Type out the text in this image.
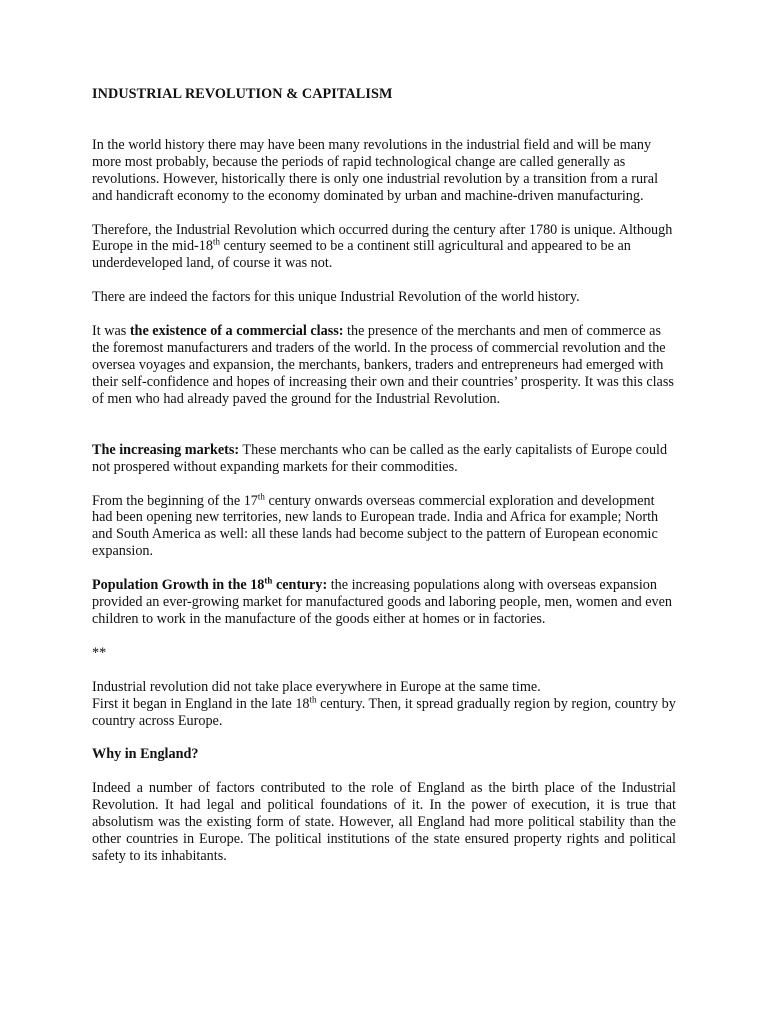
INDUSTRIAL REVOLUTION & CAPITALISM

In the world history there may have been many revolutions in the industrial field and will be many more most probably, because the periods of rapid technological change are called generally as revolutions. However, historically there is only one industrial revolution by a transition from a rural and handicraft economy to the economy dominated by urban and machine-driven manufacturing.

Therefore, the Industrial Revolution which occurred during the century after 1780 is unique. Although Europe in the mid-18th century seemed to be a continent still agricultural and appeared to be an underdeveloped land, of course it was not.

There are indeed the factors for this unique Industrial Revolution of the world history.

It was the existence of a commercial class: the presence of the merchants and men of commerce as the foremost manufacturers and traders of the world. In the process of commercial revolution and the oversea voyages and expansion, the merchants, bankers, traders and entrepreneurs had emerged with their self-confidence and hopes of increasing their own and their countries’ prosperity. It was this class of men who had already paved the ground for the Industrial Revolution.

The increasing markets: These merchants who can be called as the early capitalists of Europe could not prospered without expanding markets for their commodities.

From the beginning of the 17th century onwards overseas commercial exploration and development had been opening new territories, new lands to European trade. India and Africa for example; North and South America as well: all these lands had become subject to the pattern of European economic expansion.

Population Growth in the 18th century: the increasing populations along with overseas expansion provided an ever-growing market for manufactured goods and laboring people, men, women and even children to work in the manufacture of the goods either at homes or in factories.

**

Industrial revolution did not take place everywhere in Europe at the same time.
First it began in England in the late 18th century. Then, it spread gradually region by region, country by country across Europe.

Why in England?

Indeed a number of factors contributed to the role of England as the birth place of the Industrial Revolution. It had legal and political foundations of it. In the power of execution, it is true that absolutism was the existing form of state. However, all England had more political stability than the other countries in Europe. The political institutions of the state ensured property rights and political safety to its inhabitants.
